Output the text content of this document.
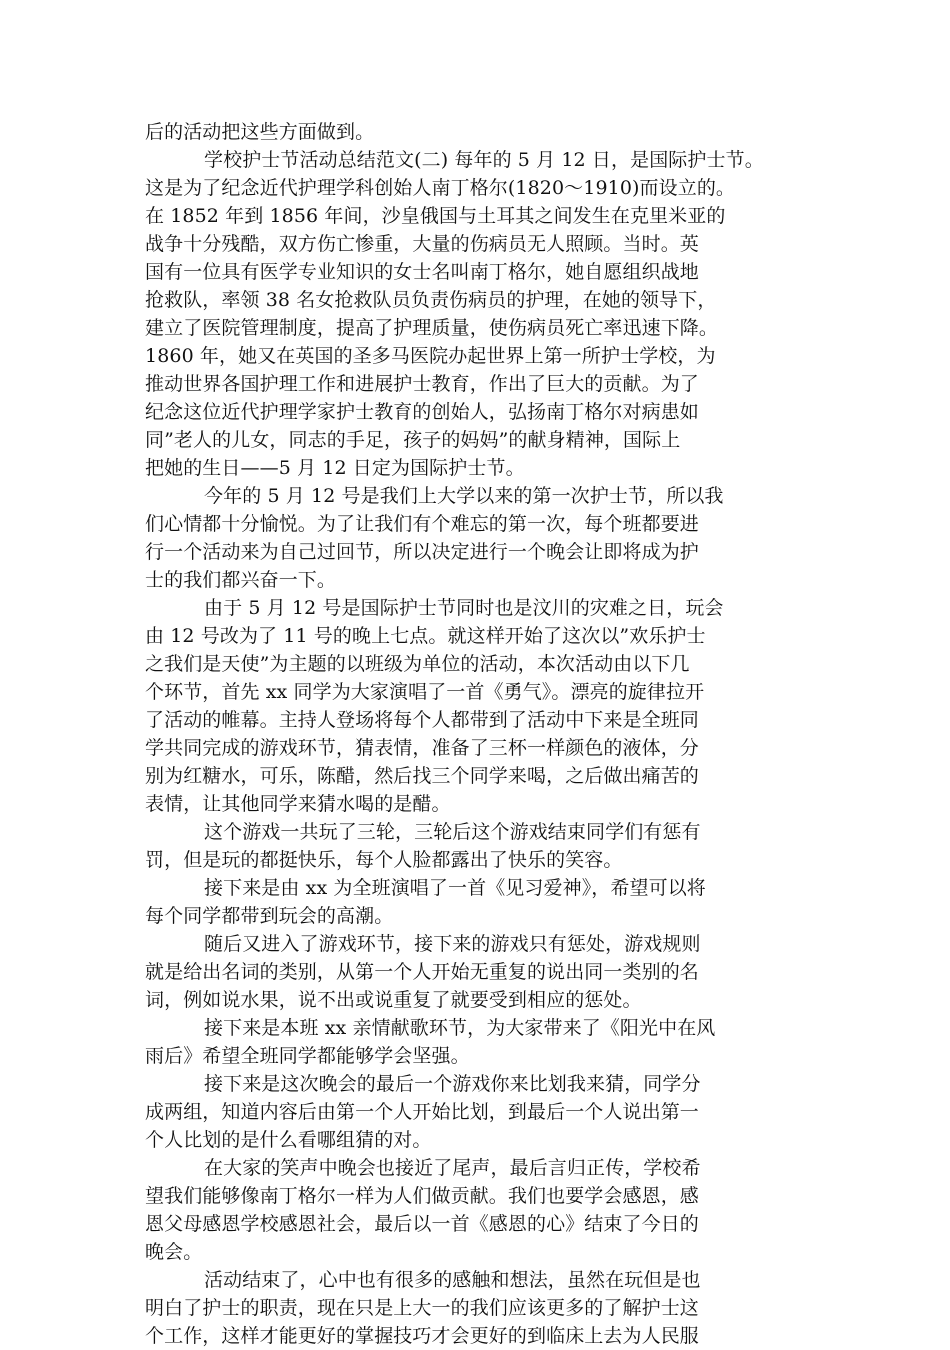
后的活动把这些方面做到。
学校护士节活动总结范文(二) 每年的 5 月 12 日，是国际护士节。
这是为了纪念近代护理学科创始人南丁格尔(1820～1910)而设立的。
在 1852 年到 1856 年间，沙皇俄国与土耳其之间发生在克里米亚的
战争十分残酷，双方伤亡惨重，大量的伤病员无人照顾。当时。英
国有一位具有医学专业知识的女士名叫南丁格尔，她自愿组织战地
抢救队，率领 38 名女抢救队员负责伤病员的护理，在她的领导下，
建立了医院管理制度，提高了护理质量，使伤病员死亡率迅速下降。
1860 年，她又在英国的圣多马医院办起世界上第一所护士学校，为
推动世界各国护理工作和进展护士教育，作出了巨大的贡献。为了
纪念这位近代护理学家护士教育的创始人，弘扬南丁格尔对病患如
同”老人的儿女，同志的手足，孩子的妈妈”的献身精神，国际上
把她的生日——5 月 12 日定为国际护士节。
今年的 5 月 12 号是我们上大学以来的第一次护士节，所以我
们心情都十分愉悦。为了让我们有个难忘的第一次，每个班都要进
行一个活动来为自己过回节，所以决定进行一个晚会让即将成为护
士的我们都兴奋一下。
由于 5 月 12 号是国际护士节同时也是汶川的灾难之日，玩会
由 12 号改为了 11 号的晚上七点。就这样开始了这次以”欢乐护士
之我们是天使”为主题的以班级为单位的活动，本次活动由以下几
个环节，首先 xx 同学为大家演唱了一首《勇气》。漂亮的旋律拉开
了活动的帷幕。主持人登场将每个人都带到了活动中下来是全班同
学共同完成的游戏环节，猜表情，准备了三杯一样颜色的液体，分
别为红糖水，可乐，陈醋，然后找三个同学来喝，之后做出痛苦的
表情，让其他同学来猜水喝的是醋。
这个游戏一共玩了三轮，三轮后这个游戏结束同学们有惩有
罚，但是玩的都挺快乐，每个人脸都露出了快乐的笑容。
接下来是由 xx 为全班演唱了一首《见习爱神》，希望可以将
每个同学都带到玩会的高潮。
随后又进入了游戏环节，接下来的游戏只有惩处，游戏规则
就是给出名词的类别，从第一个人开始无重复的说出同一类别的名
词，例如说水果，说不出或说重复了就要受到相应的惩处。
接下来是本班 xx 亲情献歌环节，为大家带来了《阳光中在风
雨后》希望全班同学都能够学会坚强。
接下来是这次晚会的最后一个游戏你来比划我来猜，同学分
成两组，知道内容后由第一个人开始比划，到最后一个人说出第一
个人比划的是什么看哪组猜的对。
在大家的笑声中晚会也接近了尾声，最后言归正传，学校希
望我们能够像南丁格尔一样为人们做贡献。我们也要学会感恩，感
恩父母感恩学校感恩社会，最后以一首《感恩的心》结束了今日的
晚会。
活动结束了，心中也有很多的感触和想法，虽然在玩但是也
明白了护士的职责，现在只是上大一的我们应该更多的了解护士这
个工作，这样才能更好的掌握技巧才会更好的到临床上去为人民服
